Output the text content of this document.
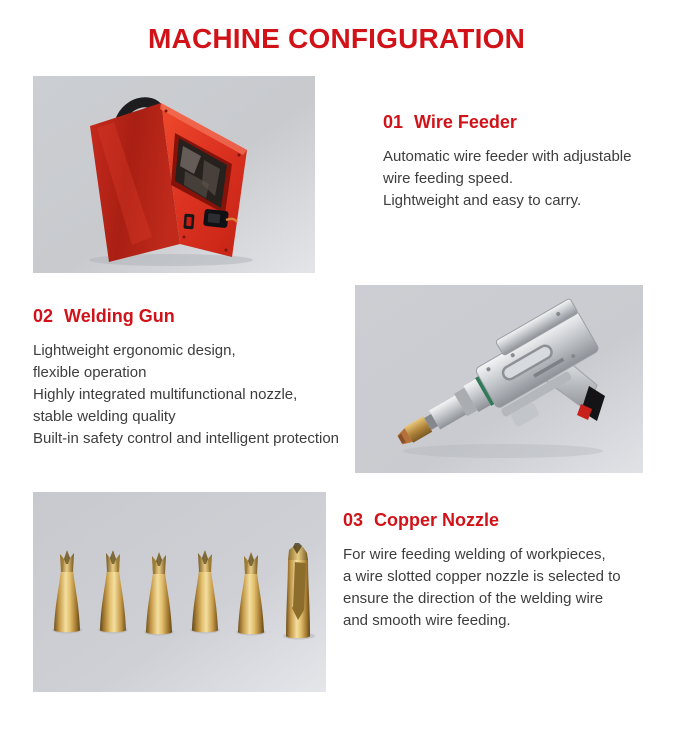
MACHINE CONFIGURATION
01 Wire Feeder

Automatic wire feeder with adjustable

wire feeding speed.

Lightweight and easy to carry.

02 Welding Gun

Lightweight ergonomic design,

flexible operation

Highly integrated multifunctional nozzle,

stable welding quality

Built-in safety control and intelligent protection

03 Copper Nozzle

For wire feeding welding of workpieces,

a wire slotted copper nozzle is selected to

ensure the direction of the welding wire

and smooth wire feeding.
